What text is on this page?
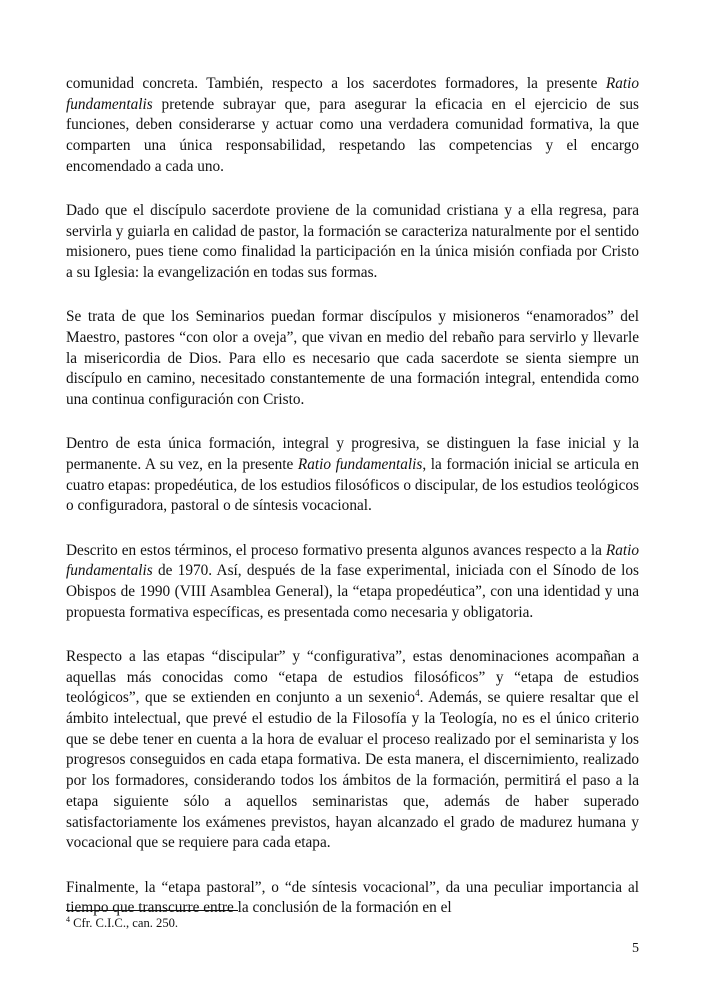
comunidad concreta. También, respecto a los sacerdotes formadores, la presente Ratio fundamentalis pretende subrayar que, para asegurar la eficacia en el ejercicio de sus funciones, deben considerarse y actuar como una verdadera comunidad formativa, la que comparten una única responsabilidad, respetando las competencias y el encargo encomendado a cada uno.

Dado que el discípulo sacerdote proviene de la comunidad cristiana y a ella regresa, para servirla y guiarla en calidad de pastor, la formación se caracteriza naturalmente por el sentido misionero, pues tiene como finalidad la participación en la única misión confiada por Cristo a su Iglesia: la evangelización en todas sus formas.

Se trata de que los Seminarios puedan formar discípulos y misioneros “enamorados” del Maestro, pastores “con olor a oveja”, que vivan en medio del rebaño para servirlo y llevarle la misericordia de Dios. Para ello es necesario que cada sacerdote se sienta siempre un discípulo en camino, necesitado constantemente de una formación integral, entendida como una continua configuración con Cristo.

Dentro de esta única formación, integral y progresiva, se distinguen la fase inicial y la permanente. A su vez, en la presente Ratio fundamentalis, la formación inicial se articula en cuatro etapas: propedéutica, de los estudios filosóficos o discipular, de los estudios teológicos o configuradora, pastoral o de síntesis vocacional.

Descrito en estos términos, el proceso formativo presenta algunos avances respecto a la Ratio fundamentalis de 1970. Así, después de la fase experimental, iniciada con el Sínodo de los Obispos de 1990 (VIII Asamblea General), la “etapa propedéutica”, con una identidad y una propuesta formativa específicas, es presentada como necesaria y obligatoria.

Respecto a las etapas “discipular” y “configurativa”, estas denominaciones acompañan a aquellas más conocidas como “etapa de estudios filosóficos” y “etapa de estudios teológicos”, que se extienden en conjunto a un sexenio$^4$. Además, se quiere resaltar que el ámbito intelectual, que prevé el estudio de la Filosofía y la Teología, no es el único criterio que se debe tener en cuenta a la hora de evaluar el proceso realizado por el seminarista y los progresos conseguidos en cada etapa formativa. De esta manera, el discernimiento, realizado por los formadores, considerando todos los ámbitos de la formación, permitirá el paso a la etapa siguiente sólo a aquellos seminaristas que, además de haber superado satisfactoriamente los exámenes previstos, hayan alcanzado el grado de madurez humana y vocacional que se requiere para cada etapa.

Finalmente, la “etapa pastoral”, o “de síntesis vocacional”, da una peculiar importancia al tiempo que transcurre entre la conclusión de la formación en el

$^4$ Cfr. C.I.C., can. 250.
5
